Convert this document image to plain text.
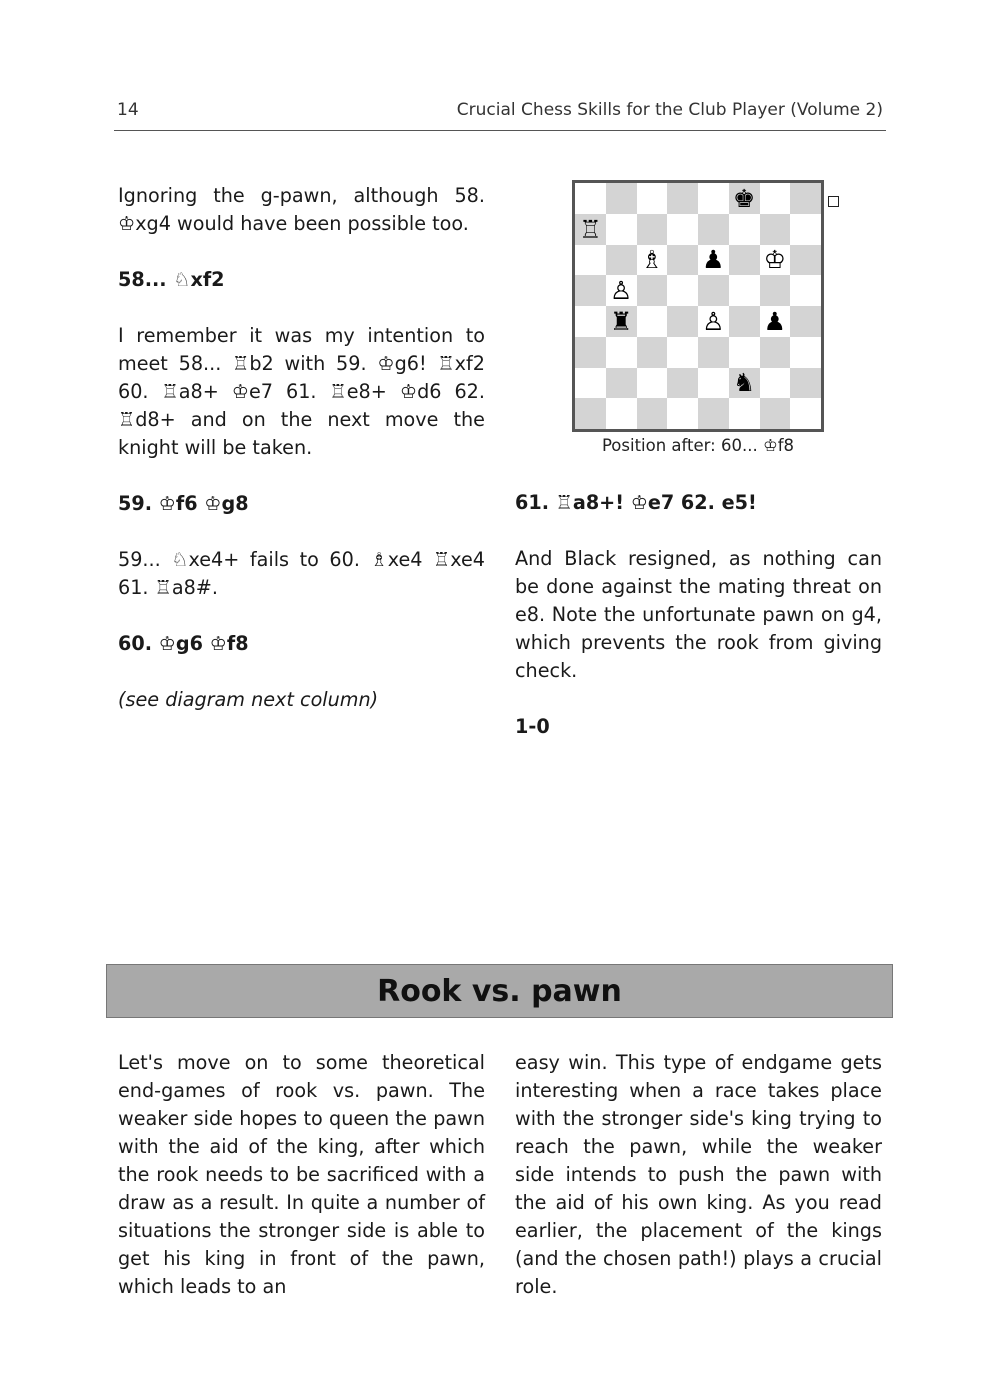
14	Crucial Chess Skills for the Club Player (Volume 2)

Ignoring the g-pawn, although 58. ♔xg4 would have been possible too.

58... ♘xf2

I remember it was my intention to meet 58... ♖b2 with 59. ♔g6! ♖xf2 60. ♖a8+ ♔e7 61. ♖e8+ ♔d6 62. ♖d8+ and on the next move the knight will be taken.

59. ♔f6 ♔g8

59... ♘xe4+ fails to 60. ♗xe4 ♖xe4 61. ♖a8#.

60. ♔g6 ♔f8

(see diagram next column)

♚
♖
♗ ♟ ♔
♙
♜	♙ ♟
♞
Position after: 60... ♔f8

61. ♖a8+! ♔e7 62. e5!

And Black resigned, as nothing can be done against the mating threat on e8. Note the unfortunate pawn on g4, which prevents the rook from giving check.

1-0

Rook vs. pawn

Let's move on to some theoretical end-games of rook vs. pawn. The weaker side hopes to queen the pawn with the aid of the king, after which the rook needs to be sacrificed with a draw as a result. In quite a number of situations the stronger side is able to get his king in front of the pawn, which leads to an

easy win. This type of endgame gets interesting when a race takes place with the stronger side's king trying to reach the pawn, while the weaker side intends to push the pawn with the aid of his own king. As you read earlier, the placement of the kings (and the chosen path!) plays a crucial role.
